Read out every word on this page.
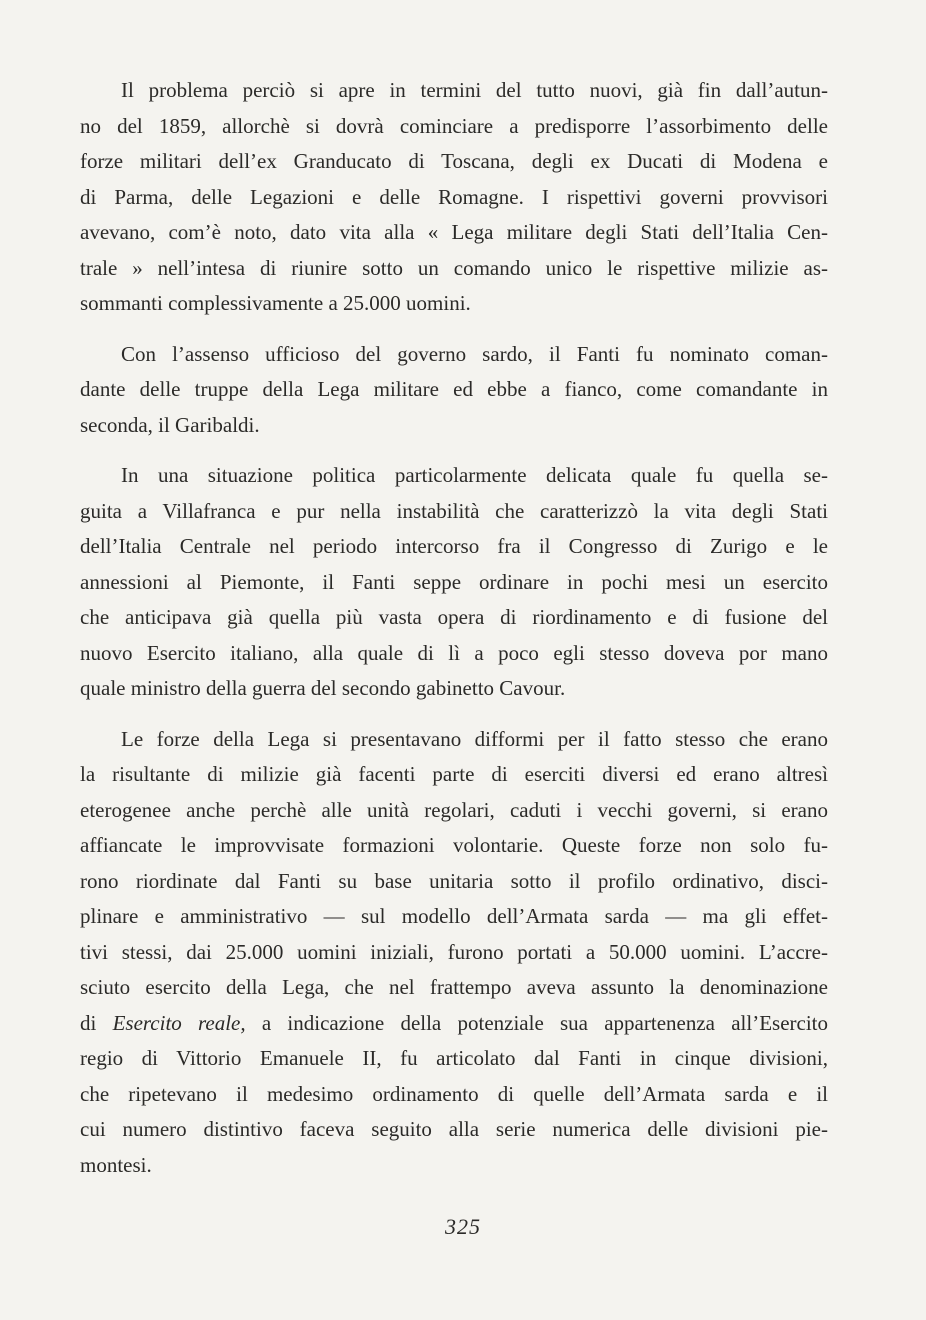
Il problema perciò si apre in termini del tutto nuovi, già fin dall’autun-
no del 1859, allorchè si dovrà cominciare a predisporre l’assorbimento delle
forze militari dell’ex Granducato di Toscana, degli ex Ducati di Modena e
di Parma, delle Legazioni e delle Romagne. I rispettivi governi provvisori
avevano, com’è noto, dato vita alla « Lega militare degli Stati dell’Italia Cen-
trale » nell’intesa di riunire sotto un comando unico le rispettive milizie as-
sommanti complessivamente a 25.000 uomini.

Con l’assenso ufficioso del governo sardo, il Fanti fu nominato coman-
dante delle truppe della Lega militare ed ebbe a fianco, come comandante in
seconda, il Garibaldi.

In una situazione politica particolarmente delicata quale fu quella se-
guita a Villafranca e pur nella instabilità che caratterizzò la vita degli Stati
dell’Italia Centrale nel periodo intercorso fra il Congresso di Zurigo e le
annessioni al Piemonte, il Fanti seppe ordinare in pochi mesi un esercito
che anticipava già quella più vasta opera di riordinamento e di fusione del
nuovo Esercito italiano, alla quale di lì a poco egli stesso doveva por mano
quale ministro della guerra del secondo gabinetto Cavour.

Le forze della Lega si presentavano difformi per il fatto stesso che erano
la risultante di milizie già facenti parte di eserciti diversi ed erano altresì
eterogenee anche perchè alle unità regolari, caduti i vecchi governi, si erano
affiancate le improvvisate formazioni volontarie. Queste forze non solo fu-
rono riordinate dal Fanti su base unitaria sotto il profilo ordinativo, disci-
plinare e amministrativo — sul modello dell’Armata sarda — ma gli effet-
tivi stessi, dai 25.000 uomini iniziali, furono portati a 50.000 uomini. L’accre-
sciuto esercito della Lega, che nel frattempo aveva assunto la denominazione
di Esercito reale, a indicazione della potenziale sua appartenenza all’Esercito
regio di Vittorio Emanuele II, fu articolato dal Fanti in cinque divisioni,
che ripetevano il medesimo ordinamento di quelle dell’Armata sarda e il
cui numero distintivo faceva seguito alla serie numerica delle divisioni pie-
montesi.

325
